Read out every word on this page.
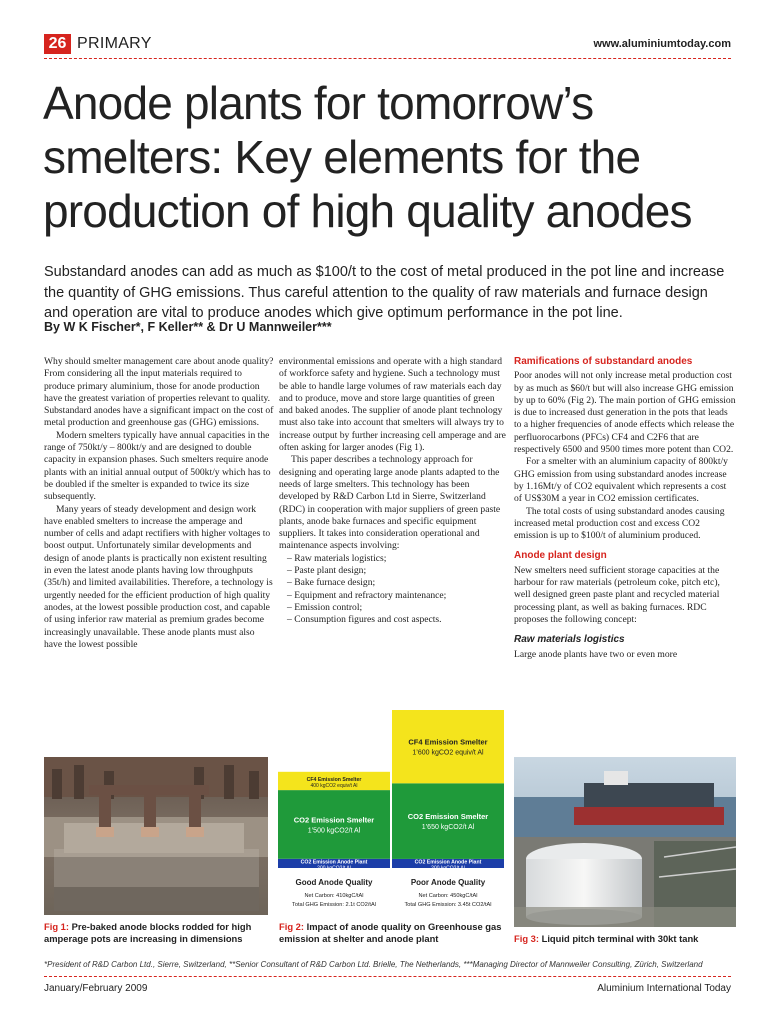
26 PRIMARY	www.aluminiumtoday.com
Anode plants for tomorrow’s
smelters: Key elements for the
production of high quality anodes

Substandard anodes can add as much as $100/t to the cost of metal produced in the pot line and increase the quantity of GHG emissions. Thus careful attention to the quality of raw materials and furnace design and operation are vital to produce anodes which give optimum performance in the pot line.

By W K Fischer*, F Keller** & Dr U Mannweiler***

Why should smelter management care about anode quality? From considering all the input materials required to produce primary aluminium, those for anode production have the greatest variation of properties relevant to quality. Substandard anodes have a significant impact on the cost of metal production and greenhouse gas (GHG) emissions.

Modern smelters typically have annual capacities in the range of 750kt/y – 800kt/y and are designed to double capacity in expansion phases. Such smelters require anode plants with an initial annual output of 500kt/y which has to be doubled if the smelter is expanded to twice its size subsequently.

Many years of steady development and design work have enabled smelters to increase the amperage and number of cells and adapt rectifiers with higher voltages to boost output. Unfortunately similar developments and design of anode plants is practically non existent resulting in even the latest anode plants having low throughputs (35t/h) and limited availabilities. Therefore, a technology is urgently needed for the efficient production of high quality anodes, at the lowest possible production cost, and capable of using inferior raw material as premium grades become increasingly unavailable. These anode plants must also have the lowest possible

environmental emissions and operate with a high standard of workforce safety and hygiene. Such a technology must be able to handle large volumes of raw materials each day and to produce, move and store large quantities of green and baked anodes. The supplier of anode plant technology must also take into account that smelters will always try to increase output by further increasing cell amperage and are often asking for larger anodes (Fig 1).

This paper describes a technology approach for designing and operating large anode plants adapted to the needs of large smelters. This technology has been developed by R&D Carbon Ltd in Sierre, Switzerland (RDC) in cooperation with major suppliers of green paste plants, anode bake furnaces and specific equipment suppliers. It takes into consideration operational and maintenance aspects involving:

– Raw materials logistics;
– Paste plant design;
– Bake furnace design;
– Equipment and refractory maintenance;
– Emission control;
– Consumption figures and cost aspects.
Ramifications of substandard anodes

Poor anodes will not only increase metal production cost by as much as $60/t but will also increase GHG emission by up to 60% (Fig 2). The main portion of GHG emission is due to increased dust generation in the pots that leads to a higher frequencies of anode effects which release the perfluorocarbons (PFCs) CF4 and C2F6 that are respectively 6500 and 9500 times more potent than CO2.

For a smelter with an aluminium capacity of 800kt/y GHG emission from using substandard anodes increase by 1.16Mt/y of CO2 equivalent which represents a cost of US$30M a year in CO2 emission certificates.

The total costs of using substandard anodes causing increased metal production cost and excess CO2 emission is up to $100/t of aluminium produced.

Anode plant design

New smelters need sufficient storage capacities at the harbour for raw materials (petroleum coke, pitch etc), well designed green paste plant and recycled material processing plant, as well as baking furnaces. RDC proposes the following concept:

Raw materials logistics

Large anode plants have two or even more

CO2 Emission Anode Plant
200 kgCO2/t Al
CO2 Emission Smelter
1’500 kgCO2/t Al
CF4 Emission Smelter
400 kgCO2 equiv/t Al
Good Anode Quality
Net Carbon: 410kgC/tAl
Total GHG Emission: 2.1t CO2/tAl
CO2 Emission Anode Plant
200 kgCO2/t Al
CO2 Emission Smelter
1’650 kgCO2/t Al
CF4 Emission Smelter
1’600 kgCO2 equiv/t Al
Poor Anode Quality
Net Carbon: 450kgC/tAl
Total GHG Emission: 3.45t CO2/tAl

Fig 1: Pre-baked anode blocks rodded for high amperage pots are increasing in dimensions

Fig 2: Impact of anode quality on Greenhouse gas emission at shelter and anode plant	Fig 3: Liquid pitch terminal with 30kt tank

*President of R&D Carbon Ltd., Sierre, Switzerland, **Senior Consultant of R&D Carbon Ltd. Brielle, The Netherlands, ***Managing Director of Mannweiler Consulting, Zürich, Switzerland

January/February 2009	Aluminium International Today
